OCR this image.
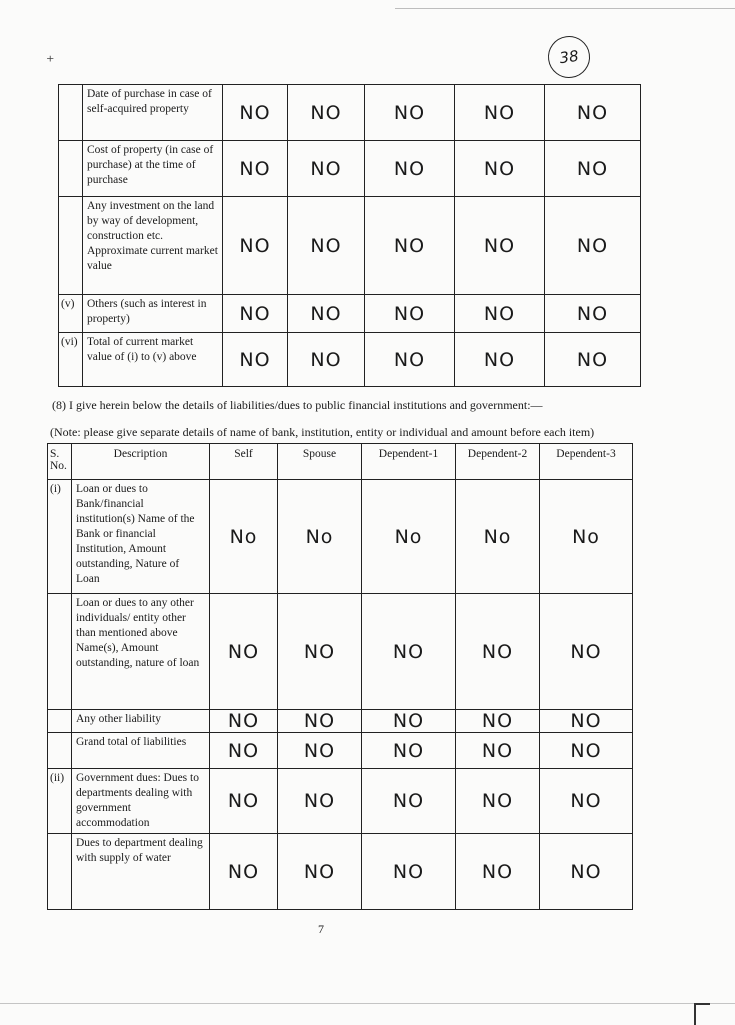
⁺	38
	Date of purchase in case of self-acquired property	NO	NO	NO	NO	NO
	Cost of property (in case of purchase) at the time of purchase	NO	NO	NO	NO	NO
	Any investment on the land by way of development, construction etc. Approximate current market value	NO	NO	NO	NO	NO
(v)	Others (such as interest in property)	NO	NO	NO	NO	NO
(vi)	Total of current market value of (i) to (v) above	NO	NO	NO	NO	NO
(8) I give herein below the details of liabilities/dues to public financial institutions and government:—
(Note: please give separate details of name of bank, institution, entity or individual and amount before each item)
S. No.	Description	Self	Spouse	Dependent-1	Dependent-2	Dependent-3
(i)	Loan or dues to Bank/financial institution(s) Name of the Bank or financial Institution, Amount outstanding, Nature of Loan	No	No	No	No	No
	Loan or dues to any other individuals/ entity other than mentioned above Name(s), Amount outstanding, nature of loan	NO	NO	NO	NO	NO
	Any other liability	NO	NO	NO	NO	NO
	Grand total of liabilities	NO	NO	NO	NO	NO
(ii)	Government dues: Dues to departments dealing with government accommodation	NO	NO	NO	NO	NO
	Dues to department dealing with supply of water	NO	NO	NO	NO	NO
7
